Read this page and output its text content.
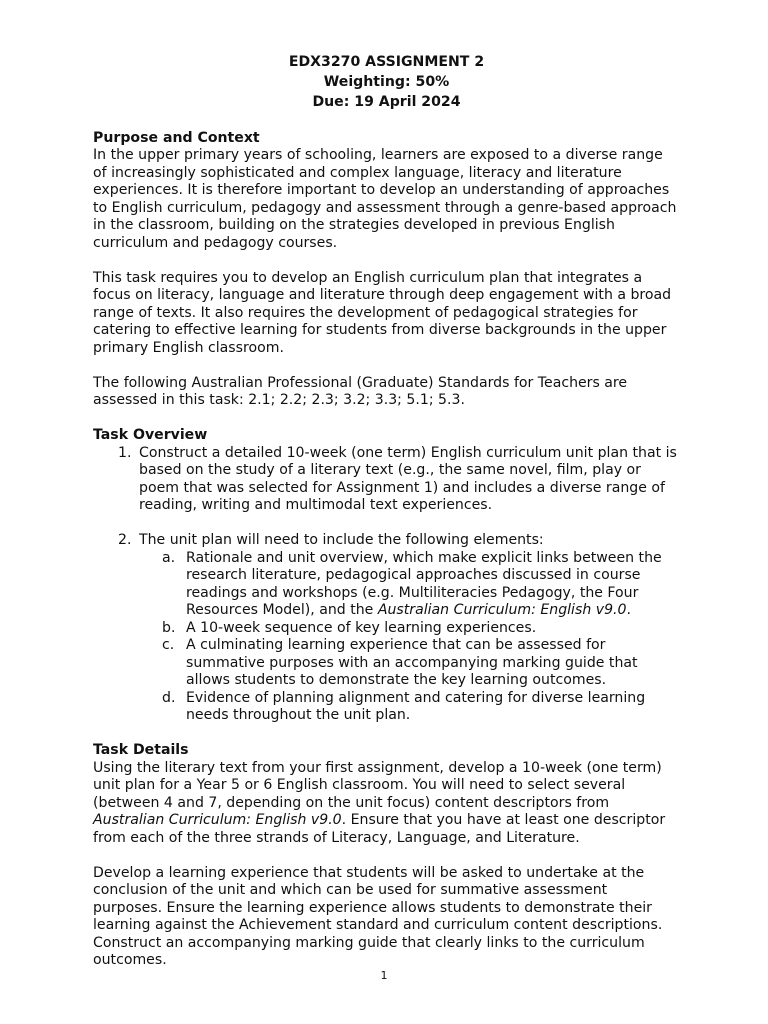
EDX3270 ASSIGNMENT 2
Weighting: 50%
Due: 19 April 2024
Purpose and Context

In the upper primary years of schooling, learners are exposed to a diverse range of increasingly sophisticated and complex language, literacy and literature experiences. It is therefore important to develop an understanding of approaches to English curriculum, pedagogy and assessment through a genre-based approach in the classroom, building on the strategies developed in previous English curriculum and pedagogy courses.

This task requires you to develop an English curriculum plan that integrates a focus on literacy, language and literature through deep engagement with a broad range of texts. It also requires the development of pedagogical strategies for catering to effective learning for students from diverse backgrounds in the upper primary English classroom.

The following Australian Professional (Graduate) Standards for Teachers are assessed in this task: 2.1; 2.2; 2.3; 3.2; 3.3; 5.1; 5.3.

Task Overview
1. Construct a detailed 10-week (one term) English curriculum unit plan that is based on the study of a literary text (e.g., the same novel, film, play or poem that was selected for Assignment 1) and includes a diverse range of reading, writing and multimodal text experiences.
2. The unit plan will need to include the following elements:
a. Rationale and unit overview, which make explicit links between the research literature, pedagogical approaches discussed in course readings and workshops (e.g. Multiliteracies Pedagogy, the Four Resources Model), and the Australian Curriculum: English v9.0.
b. A 10-week sequence of key learning experiences.
c. A culminating learning experience that can be assessed for summative purposes with an accompanying marking guide that allows students to demonstrate the key learning outcomes.
d. Evidence of planning alignment and catering for diverse learning needs throughout the unit plan.
Task Details

Using the literary text from your first assignment, develop a 10-week (one term) unit plan for a Year 5 or 6 English classroom. You will need to select several (between 4 and 7, depending on the unit focus) content descriptors from Australian Curriculum: English v9.0. Ensure that you have at least one descriptor from each of the three strands of Literacy, Language, and Literature.

Develop a learning experience that students will be asked to undertake at the conclusion of the unit and which can be used for summative assessment purposes. Ensure the learning experience allows students to demonstrate their learning against the Achievement standard and curriculum content descriptions. Construct an accompanying marking guide that clearly links to the curriculum outcomes.

1
